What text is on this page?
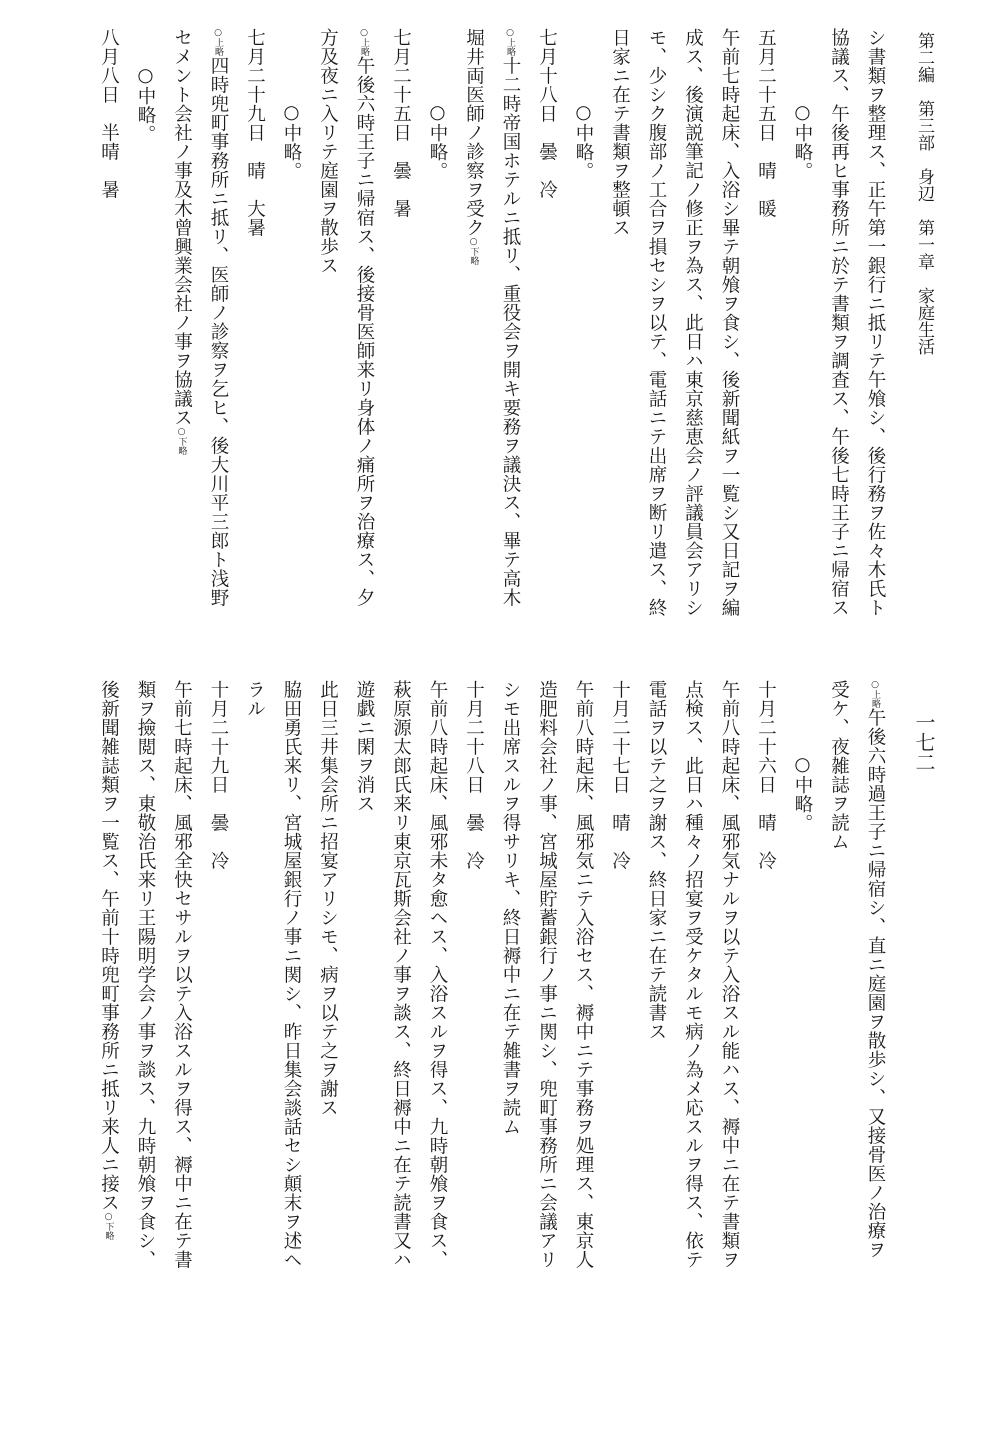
第二編　第三部　身辺　第一章　家庭生活
一七二
シ書類ヲ整理ス、正午第一銀行ニ抵リテ午飧シ、後行務ヲ佐々木氏ト
協議ス、午後再ヒ事務所ニ於テ書類ヲ調査ス、午後七時王子ニ帰宿ス
○中略。
五月二十五日　晴　暖
午前七時起床、入浴シ畢テ朝飧ヲ食シ、後新聞紙ヲ一覧シ又日記ヲ編
成ス、後演説筆記ノ修正ヲ為ス、此日ハ東京慈恵会ノ評議員会アリシ
モ、少シク腹部ノ工合ヲ損セシヲ以テ、電話ニテ出席ヲ断リ遣ス、終
日家ニ在テ書類ヲ整頓ス
○中略。
七月十八日　曇　冷
○上略十二時帝国ホテルニ抵リ、重役会ヲ開キ要務ヲ議決ス、畢テ高木
堀井両医師ノ診察ヲ受ク○下略
○中略。
七月二十五日　曇　暑
○上略午後六時王子ニ帰宿ス、後接骨医師来リ身体ノ痛所ヲ治療ス、夕
方及夜ニ入リテ庭園ヲ散歩ス
○中略。
七月二十九日　晴　大暑
○上略四時兜町事務所ニ抵リ、医師ノ診察ヲ乞ヒ、後大川平三郎ト浅野
セメント会社ノ事及木曾興業会社ノ事ヲ協議ス○下略
○中略。
八月八日　半晴　暑
○上略午後六時過王子ニ帰宿シ、直ニ庭園ヲ散歩シ、又接骨医ノ治療ヲ
受ケ、夜雑誌ヲ読ム
○中略。
十月二十六日　晴　冷
午前八時起床、風邪気ナルヲ以テ入浴スル能ハス、褥中ニ在テ書類ヲ
点検ス、此日ハ種々ノ招宴ヲ受ケタルモ病ノ為メ応スルヲ得ス、依テ
電話ヲ以テ之ヲ謝ス、終日家ニ在テ読書ス
十月二十七日　晴　冷
午前八時起床、風邪気ニテ入浴セス、褥中ニテ事務ヲ処理ス、東京人
造肥料会社ノ事、宮城屋貯蓄銀行ノ事ニ関シ、兜町事務所ニ会議アリ
シモ出席スルヲ得サリキ、終日褥中ニ在テ雑書ヲ読ム
十月二十八日　曇　冷
午前八時起床、風邪未タ愈ヘス、入浴スルヲ得ス、九時朝飧ヲ食ス、
萩原源太郎氏来リ東京瓦斯会社ノ事ヲ談ス、終日褥中ニ在テ読書又ハ
遊戯ニ閑ヲ消ス
此日三井集会所ニ招宴アリシモ、病ヲ以テ之ヲ謝ス
脇田勇氏来リ、宮城屋銀行ノ事ニ関シ、昨日集会談話セシ顛末ヲ述ヘ
ラル
十月二十九日　曇　冷
午前七時起床、風邪全快セサルヲ以テ入浴スルヲ得ス、褥中ニ在テ書
類ヲ撿閲ス、東敬治氏来リ王陽明学会ノ事ヲ談ス、九時朝飧ヲ食シ、
後新聞雑誌類ヲ一覧ス、午前十時兜町事務所ニ抵リ来人ニ接ス○下略
